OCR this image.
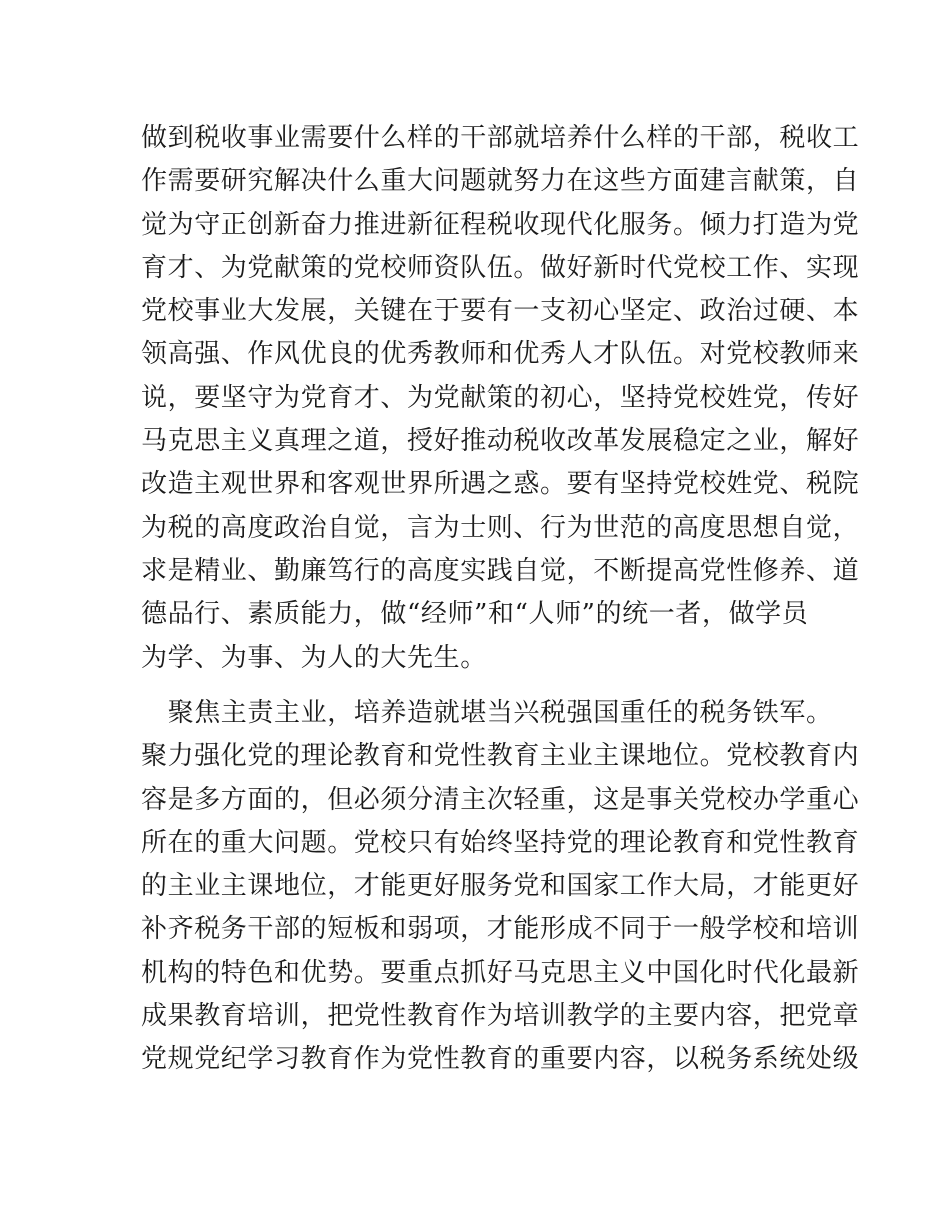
做到税收事业需要什么样的干部就培养什么样的干部，税收工
作需要研究解决什么重大问题就努力在这些方面建言献策，自
觉为守正创新奋力推进新征程税收现代化服务。倾力打造为党
育才、为党献策的党校师资队伍。做好新时代党校工作、实现
党校事业大发展，关键在于要有一支初心坚定、政治过硬、本
领高强、作风优良的优秀教师和优秀人才队伍。对党校教师来
说，要坚守为党育才、为党献策的初心，坚持党校姓党，传好
马克思主义真理之道，授好推动税收改革发展稳定之业，解好
改造主观世界和客观世界所遇之惑。要有坚持党校姓党、税院
为税的高度政治自觉，言为士则、行为世范的高度思想自觉，
求是精业、勤廉笃行的高度实践自觉，不断提高党性修养、道
德品行、素质能力，做“经师”和“人师”的统一者，做学员
为学、为事、为人的大先生。

　聚焦主责主业，培养造就堪当兴税强国重任的税务铁军。
聚力强化党的理论教育和党性教育主业主课地位。党校教育内
容是多方面的，但必须分清主次轻重，这是事关党校办学重心
所在的重大问题。党校只有始终坚持党的理论教育和党性教育
的主业主课地位，才能更好服务党和国家工作大局，才能更好
补齐税务干部的短板和弱项，才能形成不同于一般学校和培训
机构的特色和优势。要重点抓好马克思主义中国化时代化最新
成果教育培训，把党性教育作为培训教学的主要内容，把党章
党规党纪学习教育作为党性教育的重要内容，以税务系统处级
